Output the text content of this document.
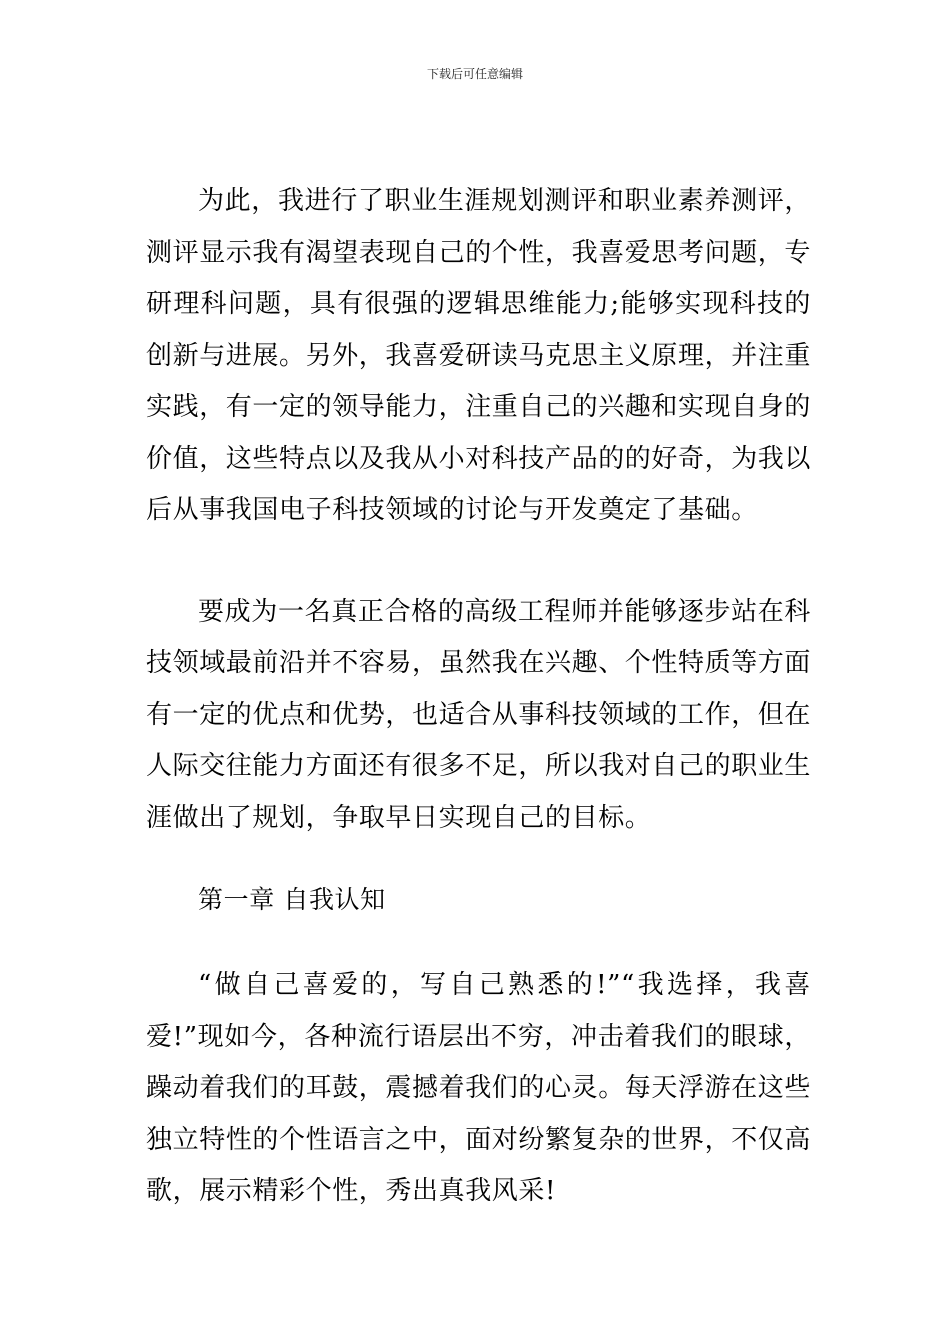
下载后可任意编辑

为此，我进行了职业生涯规划测评和职业素养测评，测评显示我有渴望表现自己的个性，我喜爱思考问题，专研理科问题，具有很强的逻辑思维能力;能够实现科技的创新与进展。另外，我喜爱研读马克思主义原理，并注重实践，有一定的领导能力，注重自己的兴趣和实现自身的价值，这些特点以及我从小对科技产品的的好奇，为我以后从事我国电子科技领域的讨论与开发奠定了基础。

要成为一名真正合格的高级工程师并能够逐步站在科技领域最前沿并不容易，虽然我在兴趣、个性特质等方面有一定的优点和优势，也适合从事科技领域的工作，但在人际交往能力方面还有很多不足，所以我对自己的职业生涯做出了规划，争取早日实现自己的目标。

第一章 自我认知

“做自己喜爱的，写自己熟悉的!”“我选择，我喜爱!”现如今，各种流行语层出不穷，冲击着我们的眼球，躁动着我们的耳鼓，震撼着我们的心灵。每天浮游在这些独立特性的个性语言之中，面对纷繁复杂的世界，不仅高歌，展示精彩个性，秀出真我风采!
